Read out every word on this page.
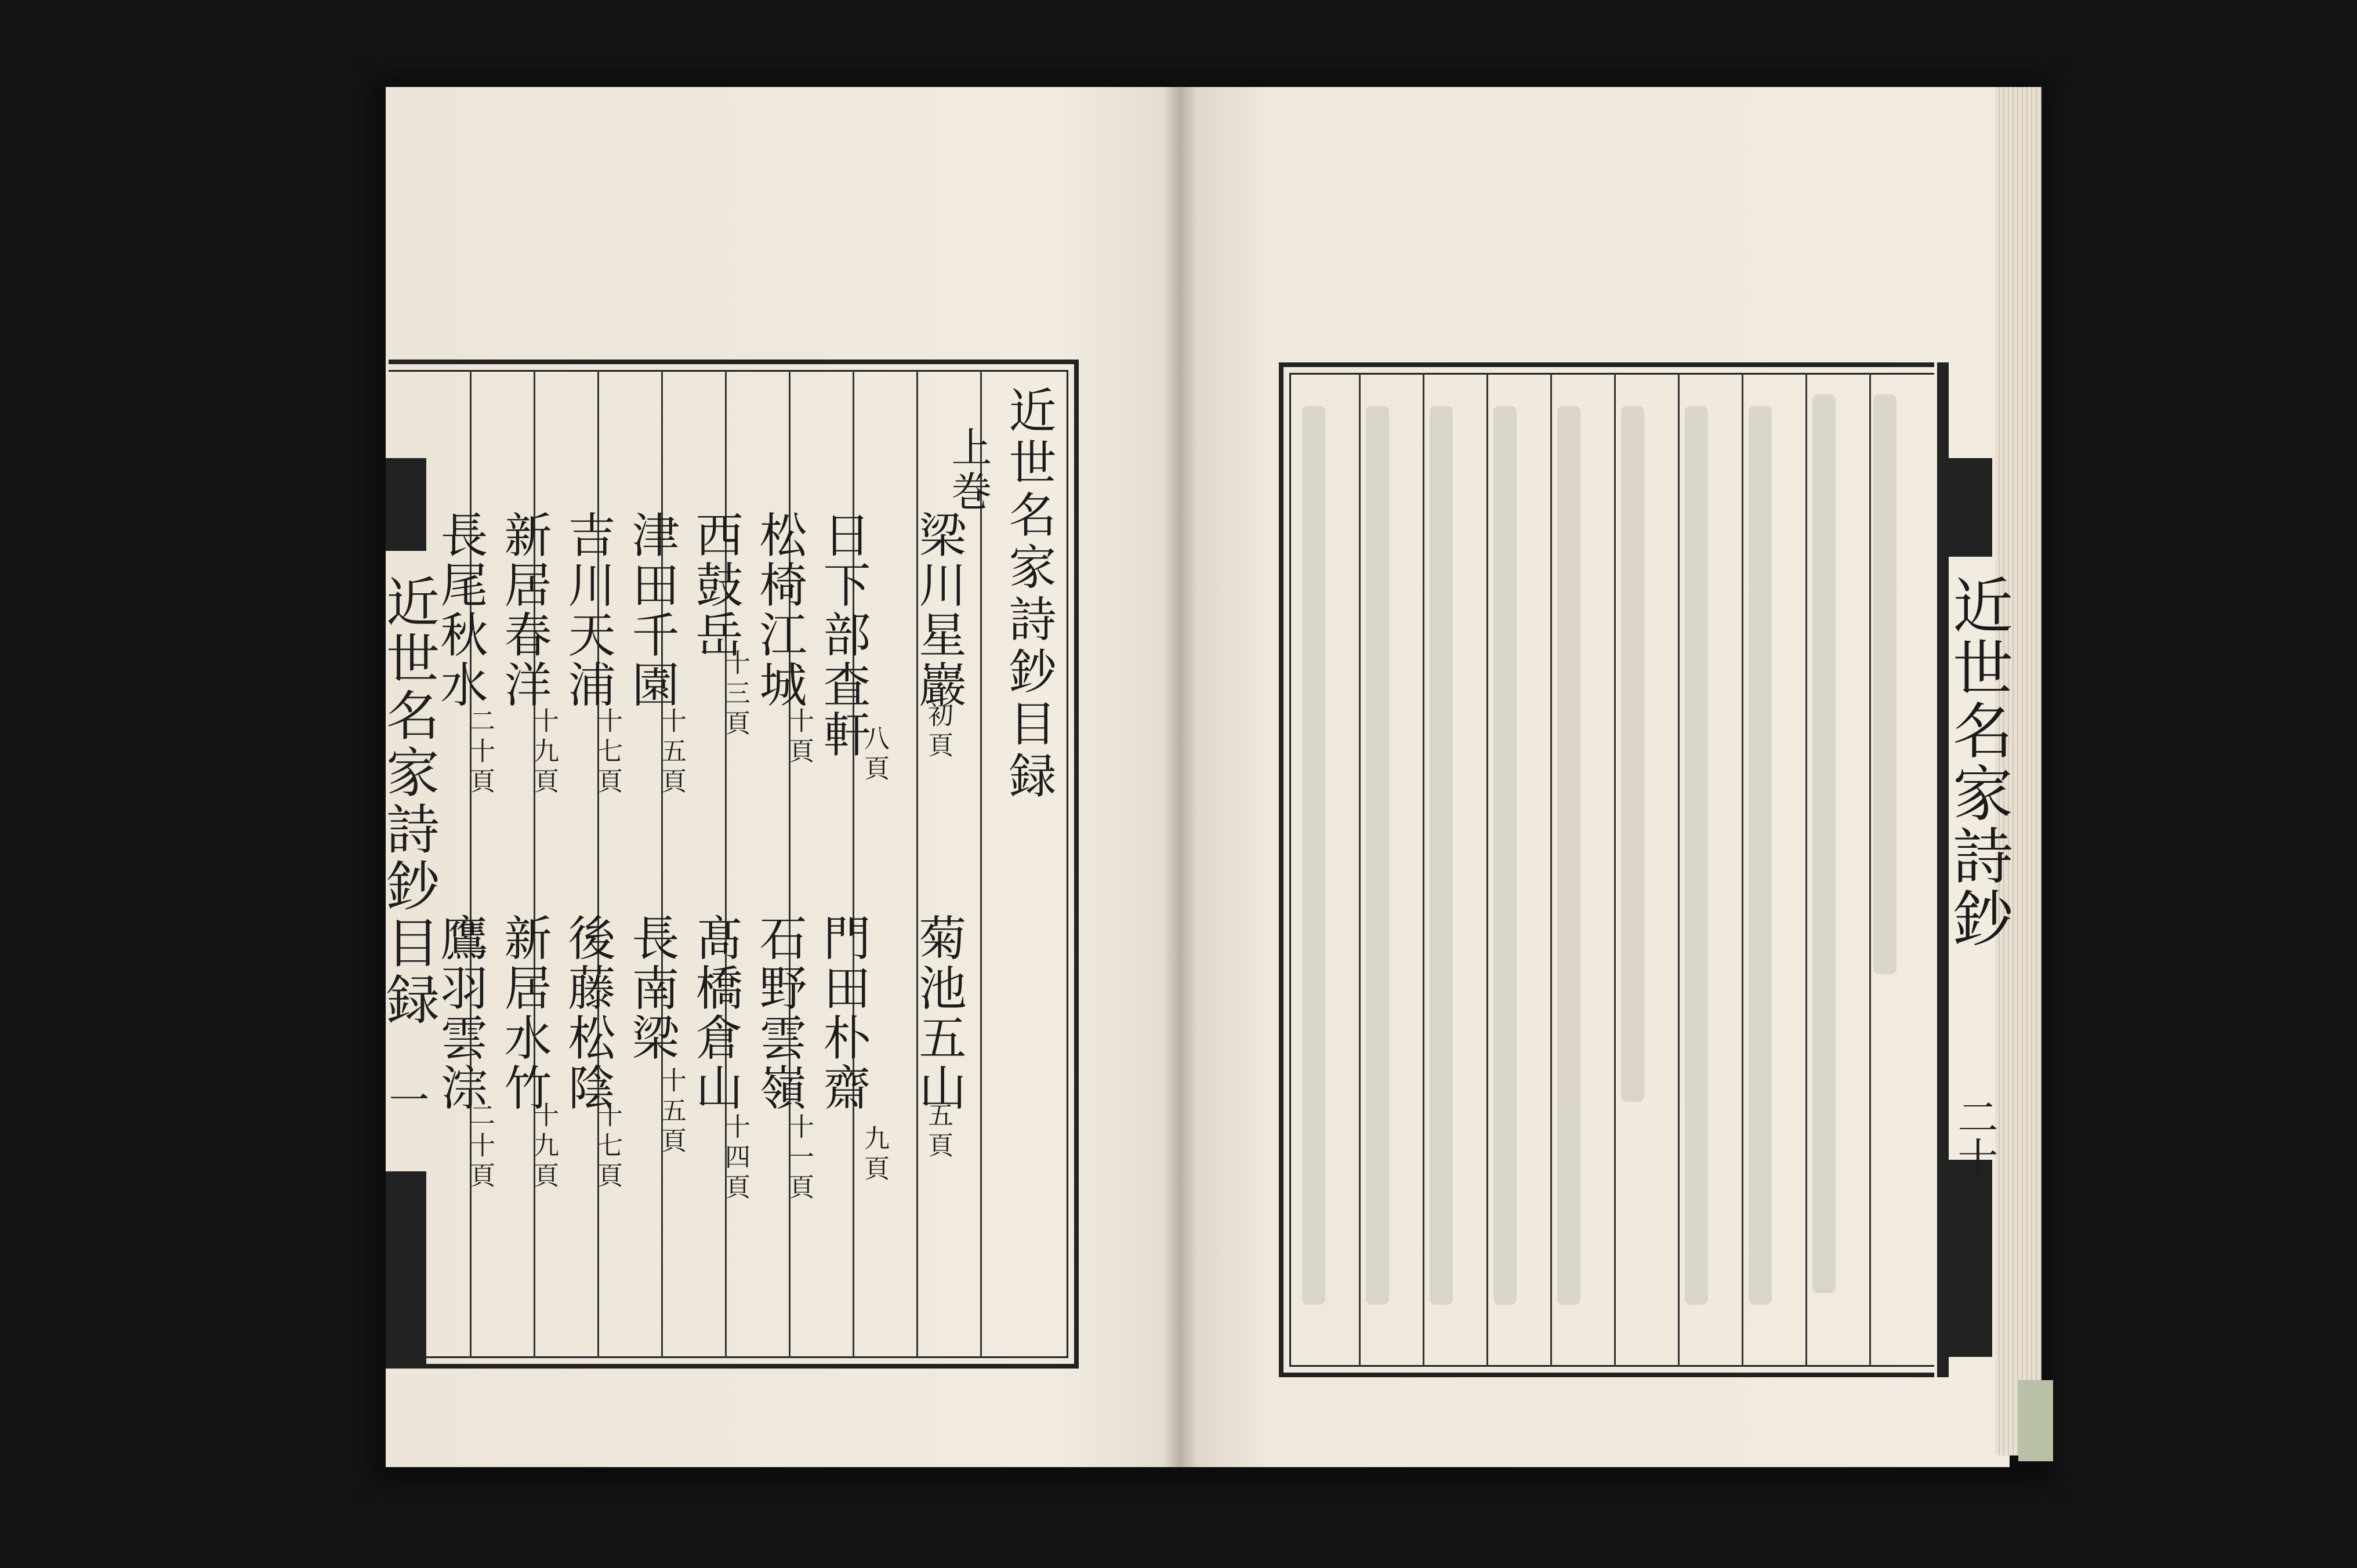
近世名家詩鈔目録
一
近世名家詩鈔目録
上巻
梁川星巖
初頁
菊池五山
五頁
日下部査軒
八頁
門田朴齋
九頁
松椅江城
十頁
石野雲嶺
十一頁
西鼓岳
十三頁
髙橋倉山
十四頁
津田千園
十五頁
長南梁
十五頁
吉川天浦
十七頁
後藤松陰
十七頁
新居春洋
十九頁
新居水竹
十九頁
長尾秋水
二十頁
鷹羽雲淙
二十頁
近世名家詩鈔
二十
